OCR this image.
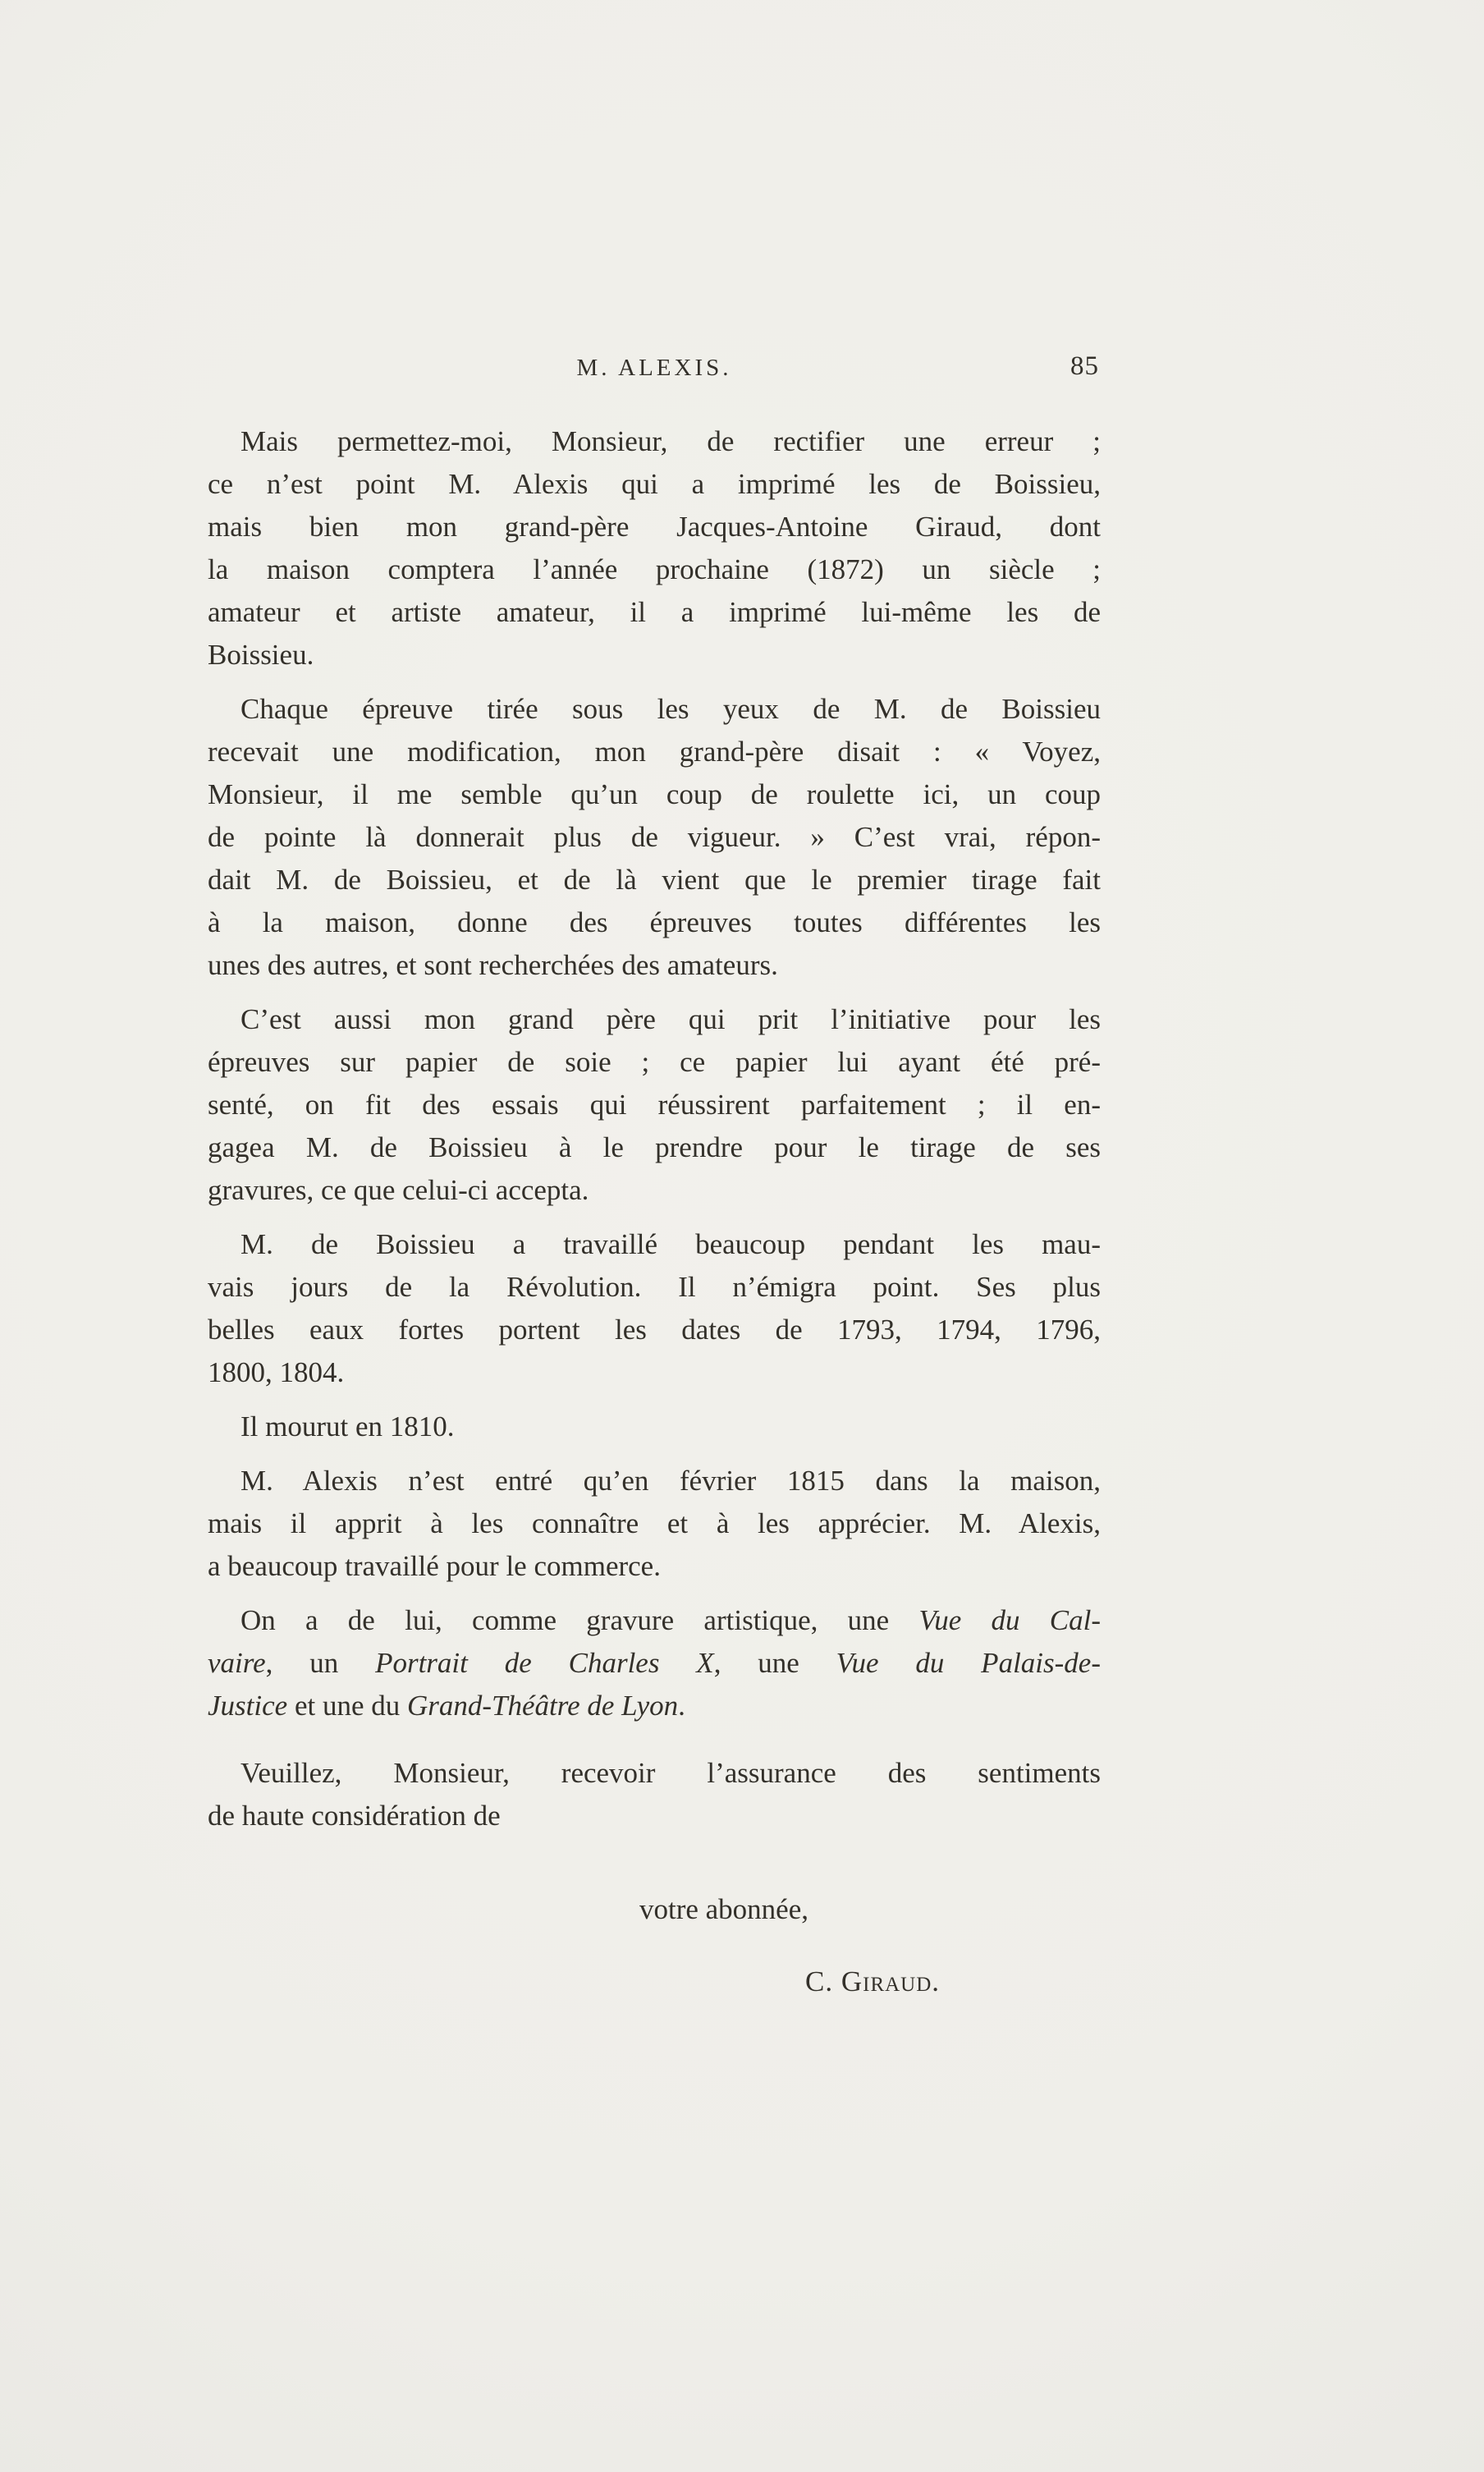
M. ALEXIS.	85
Mais permettez-moi, Monsieur, de rectifier une erreur ;
ce n’est point M. Alexis qui a imprimé les de Boissieu,
mais bien mon grand-père Jacques-Antoine Giraud, dont
la maison comptera l’année prochaine (1872) un siècle ;
amateur et artiste amateur, il a imprimé lui-même les de
Boissieu.
Chaque épreuve tirée sous les yeux de M. de Boissieu
recevait une modification, mon grand-père disait : « Voyez,
Monsieur, il me semble qu’un coup de roulette ici, un coup
de pointe là donnerait plus de vigueur. » C’est vrai, répon-
dait M. de Boissieu, et de là vient que le premier tirage fait
à la maison, donne des épreuves toutes différentes les
unes des autres, et sont recherchées des amateurs.
C’est aussi mon grand père qui prit l’initiative pour les
épreuves sur papier de soie ; ce papier lui ayant été pré-
senté, on fit des essais qui réussirent parfaitement ; il en-
gagea M. de Boissieu à le prendre pour le tirage de ses
gravures, ce que celui-ci accepta.
M. de Boissieu a travaillé beaucoup pendant les mau-
vais jours de la Révolution. Il n’émigra point. Ses plus
belles eaux fortes portent les dates de 1793, 1794, 1796,
1800, 1804.
Il mourut en 1810.
M. Alexis n’est entré qu’en février 1815 dans la maison,
mais il apprit à les connaître et à les apprécier. M. Alexis,
a beaucoup travaillé pour le commerce.
On a de lui, comme gravure artistique, une Vue du Cal-
vaire, un Portrait de Charles X, une Vue du Palais-de-
Justice et une du Grand-Théâtre de Lyon.
Veuillez, Monsieur, recevoir l’assurance des sentiments
de haute considération de
votre abonnée,
C. Giraud.
